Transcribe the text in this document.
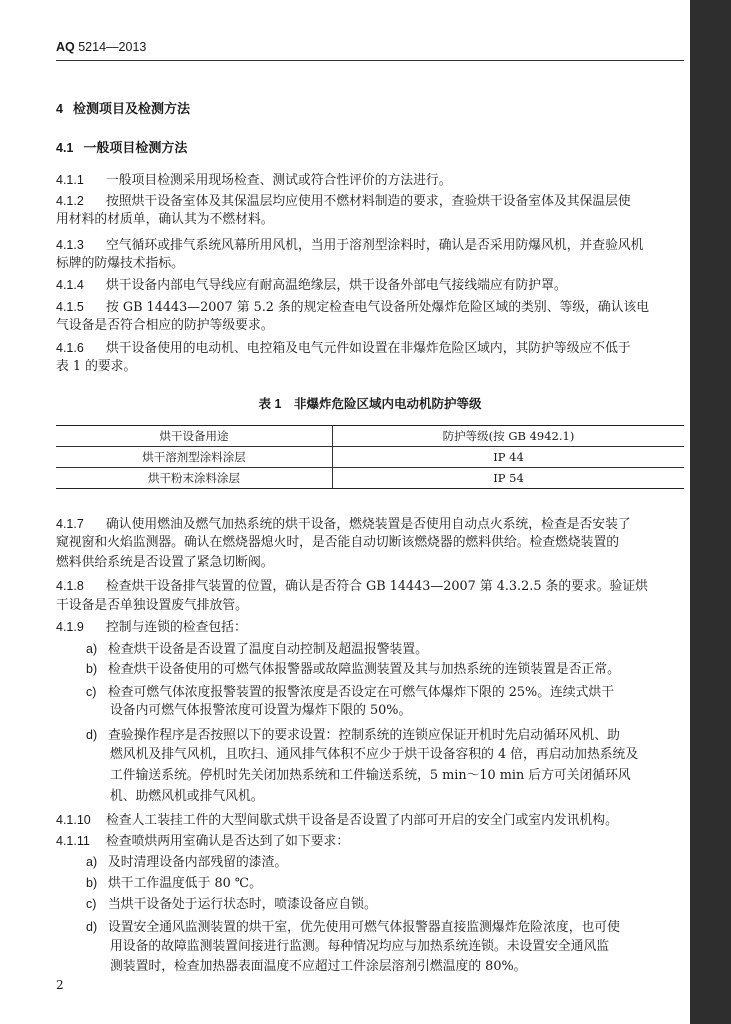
AQ 5214—2013
4 检测项目及检测方法
4.1 一般项目检测方法
4.1.1 一般项目检测采用现场检查、测试或符合性评价的方法进行。
4.1.2 按照烘干设备室体及其保温层均应使用不燃材料制造的要求，查验烘干设备室体及其保温层使
用材料的材质单，确认其为不燃材料。
4.1.3 空气循环或排气系统风幕所用风机，当用于溶剂型涂料时，确认是否采用防爆风机，并查验风机
标牌的防爆技术指标。
4.1.4 烘干设备内部电气导线应有耐高温绝缘层，烘干设备外部电气接线端应有防护罩。
4.1.5 按 GB 14443—2007 第 5.2 条的规定检查电气设备所处爆炸危险区域的类别、等级，确认该电
气设备是否符合相应的防护等级要求。
4.1.6 烘干设备使用的电动机、电控箱及电气元件如设置在非爆炸危险区域内，其防护等级应不低于
表 1 的要求。
表 1　非爆炸危险区域内电动机防护等级
烘干设备用途	防护等级(按 GB 4942.1)
烘干溶剂型涂料涂层	IP 44
烘干粉末涂料涂层	IP 54
4.1.7 确认使用燃油及燃气加热系统的烘干设备，燃烧装置是否使用自动点火系统，检查是否安装了
窥视窗和火焰监测器。确认在燃烧器熄火时，是否能自动切断该燃烧器的燃料供给。检查燃烧装置的
燃料供给系统是否设置了紧急切断阀。
4.1.8 检查烘干设备排气装置的位置，确认是否符合 GB 14443—2007 第 4.3.2.5 条的要求。验证烘
干设备是否单独设置废气排放管。
4.1.9 控制与连锁的检查包括：
a) 检查烘干设备是否设置了温度自动控制及超温报警装置。
b) 检查烘干设备使用的可燃气体报警器或故障监测装置及其与加热系统的连锁装置是否正常。
c) 检查可燃气体浓度报警装置的报警浓度是否设定在可燃气体爆炸下限的 25%。连续式烘干
设备内可燃气体报警浓度可设置为爆炸下限的 50%。
d) 查验操作程序是否按照以下的要求设置：控制系统的连锁应保证开机时先启动循环风机、助
燃风机及排气风机，且吹扫、通风排气体积不应少于烘干设备容积的 4 倍，再启动加热系统及
工件输送系统。停机时先关闭加热系统和工件输送系统，5 min～10 min 后方可关闭循环风
机、助燃风机或排气风机。
4.1.10 检查人工装挂工件的大型间歇式烘干设备是否设置了内部可开启的安全门或室内发讯机构。
4.1.11 检查喷烘两用室确认是否达到了如下要求：
a) 及时清理设备内部残留的漆渣。
b) 烘干工作温度低于 80 ℃。
c) 当烘干设备处于运行状态时，喷漆设备应自锁。
d) 设置安全通风监测装置的烘干室，优先使用可燃气体报警器直接监测爆炸危险浓度，也可使
用设备的故障监测装置间接进行监测。每种情况均应与加热系统连锁。未设置安全通风监
测装置时，检查加热器表面温度不应超过工件涂层溶剂引燃温度的 80%。
2
